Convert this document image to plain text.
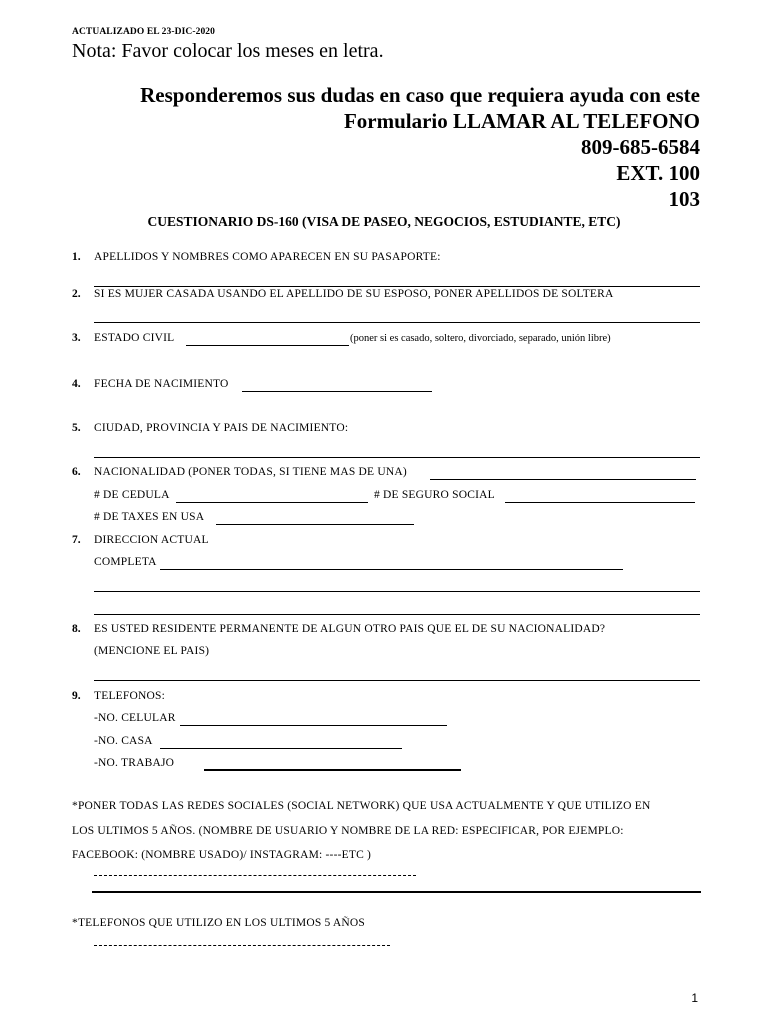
ACTUALIZADO EL 23-DIC-2020
Nota: Favor colocar los meses en letra.
Responderemos sus dudas en caso que requiera ayuda con este
Formulario LLAMAR AL TELEFONO
809-685-6584
EXT. 100
103
CUESTIONARIO DS-160 (VISA DE PASEO, NEGOCIOS, ESTUDIANTE, ETC)
1. APELLIDOS Y NOMBRES COMO APARECEN EN SU PASAPORTE:
2. SI ES MUJER CASADA USANDO EL APELLIDO DE SU ESPOSO, PONER APELLIDOS DE SOLTERA
3. ESTADO CIVIL	(poner si es casado, soltero, divorciado, separado, unión libre)
4. FECHA DE NACIMIENTO
5. CIUDAD, PROVINCIA Y PAIS DE NACIMIENTO:
6. NACIONALIDAD (PONER TODAS, SI TIENE MAS DE UNA)
# DE CEDULA	# DE SEGURO SOCIAL
# DE TAXES EN USA
7. DIRECCION ACTUAL
COMPLETA
8. ES USTED RESIDENTE PERMANENTE DE ALGUN OTRO PAIS QUE EL DE SU NACIONALIDAD?
(MENCIONE EL PAIS)
9. TELEFONOS:
-NO. CELULAR
-NO. CASA
-NO. TRABAJO
*PONER TODAS LAS REDES SOCIALES (SOCIAL NETWORK) QUE USA ACTUALMENTE Y QUE UTILIZO EN
LOS ULTIMOS 5 AÑOS. (NOMBRE DE USUARIO Y NOMBRE DE LA RED: ESPECIFICAR, POR EJEMPLO:
FACEBOOK: (NOMBRE USADO)/ INSTAGRAM: ----ETC )
*TELEFONOS QUE UTILIZO EN LOS ULTIMOS 5 AÑOS
1
